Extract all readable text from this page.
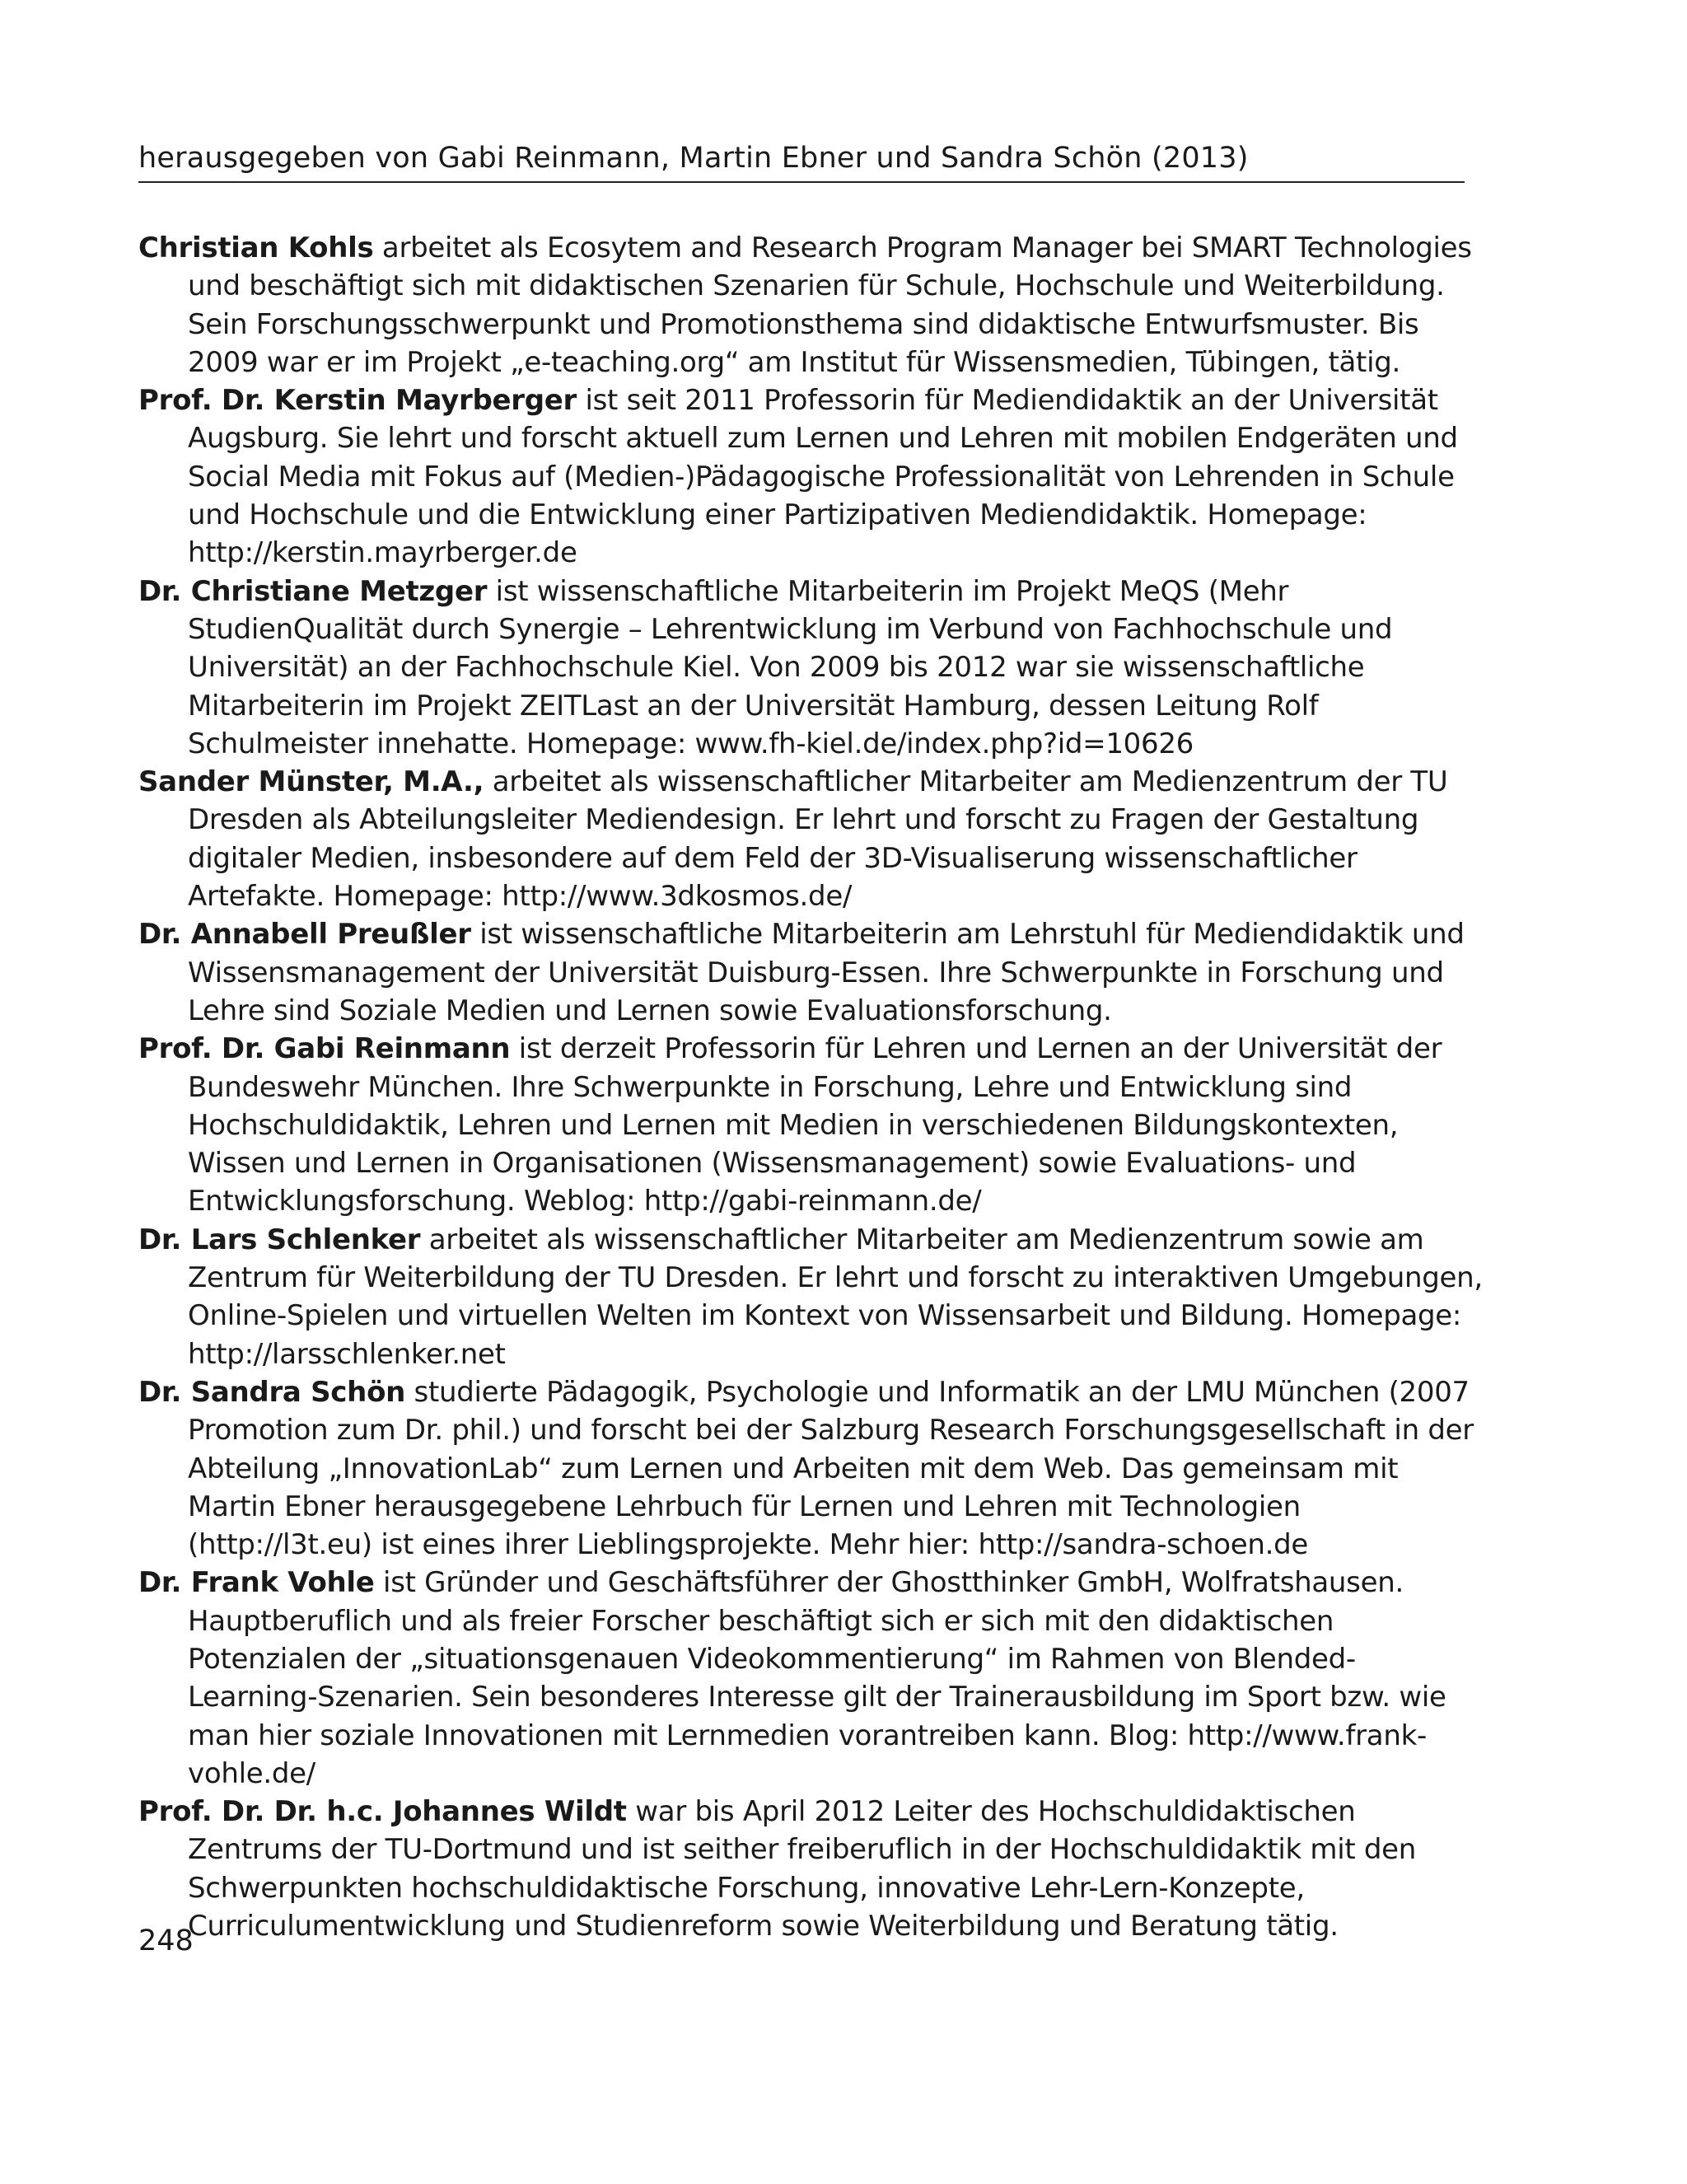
herausgegeben von Gabi Reinmann, Martin Ebner und Sandra Schön (2013)
Christian Kohls arbeitet als Ecosytem and Research Program Manager bei SMART Technologies und beschäftigt sich mit didaktischen Szenarien für Schule, Hochschule und Weiterbildung. Sein Forschungsschwerpunkt und Promotionsthema sind didaktische Entwurfsmuster. Bis 2009 war er im Projekt „e-teaching.org“ am Institut für Wissensmedien, Tübingen, tätig.
Prof. Dr. Kerstin Mayrberger ist seit 2011 Professorin für Mediendidaktik an der Universität Augsburg. Sie lehrt und forscht aktuell zum Lernen und Lehren mit mobilen Endgeräten und Social Media mit Fokus auf (Medien-)Pädagogische Professionalität von Lehrenden in Schule und Hochschule und die Entwicklung einer Partizipativen Mediendidaktik. Homepage: http://kerstin.mayrberger.de
Dr. Christiane Metzger ist wissenschaftliche Mitarbeiterin im Projekt MeQS (Mehr StudienQualität durch Synergie – Lehrentwicklung im Verbund von Fachhochschule und Universität) an der Fachhochschule Kiel. Von 2009 bis 2012 war sie wissenschaftliche Mitarbeiterin im Projekt ZEITLast an der Universität Hamburg, dessen Leitung Rolf Schulmeister innehatte. Homepage: www.fh-kiel.de/index.php?id=10626
Sander Münster, M.A., arbeitet als wissenschaftlicher Mitarbeiter am Medienzentrum der TU Dresden als Abteilungsleiter Mediendesign. Er lehrt und forscht zu Fragen der Gestaltung digitaler Medien, insbesondere auf dem Feld der 3D-Visualiserung wissenschaftlicher Artefakte. Homepage: http://www.3dkosmos.de/
Dr. Annabell Preußler ist wissenschaftliche Mitarbeiterin am Lehrstuhl für Mediendidaktik und Wissensmanagement der Universität Duisburg-Essen. Ihre Schwerpunkte in Forschung und Lehre sind Soziale Medien und Lernen sowie Evaluationsforschung.
Prof. Dr. Gabi Reinmann ist derzeit Professorin für Lehren und Lernen an der Universität der Bundeswehr München. Ihre Schwerpunkte in Forschung, Lehre und Entwicklung sind Hochschuldidaktik, Lehren und Lernen mit Medien in verschiedenen Bildungskontexten, Wissen und Lernen in Organisationen (Wissensmanagement) sowie Evaluations- und Entwicklungsforschung. Weblog: http://gabi-reinmann.de/
Dr. Lars Schlenker arbeitet als wissenschaftlicher Mitarbeiter am Medienzentrum sowie am Zentrum für Weiterbildung der TU Dresden. Er lehrt und forscht zu interaktiven Umgebungen, Online-Spielen und virtuellen Welten im Kontext von Wissensarbeit und Bildung. Homepage: http://larsschlenker.net
Dr. Sandra Schön studierte Pädagogik, Psychologie und Informatik an der LMU München (2007 Promotion zum Dr. phil.) und forscht bei der Salzburg Research Forschungsgesellschaft in der Abteilung „InnovationLab“ zum Lernen und Arbeiten mit dem Web. Das gemeinsam mit Martin Ebner herausgegebene Lehrbuch für Lernen und Lehren mit Technologien (http://l3t.eu) ist eines ihrer Lieblingsprojekte. Mehr hier: http://sandra-schoen.de
Dr. Frank Vohle ist Gründer und Geschäftsführer der Ghostthinker GmbH, Wolfratshausen. Hauptberuflich und als freier Forscher beschäftigt sich er sich mit den didaktischen Potenzialen der „situationsgenauen Videokommentierung“ im Rahmen von Blended-Learning-Szenarien. Sein besonderes Interesse gilt der Trainerausbildung im Sport bzw. wie man hier soziale Innovationen mit Lernmedien vorantreiben kann. Blog: http://www.frank-vohle.de/
Prof. Dr. Dr. h.c. Johannes Wildt war bis April 2012 Leiter des Hochschuldidaktischen Zentrums der TU-Dortmund und ist seither freiberuflich in der Hochschuldidaktik mit den Schwerpunkten hochschuldidaktische Forschung, innovative Lehr-Lern-Konzepte, Curriculumentwicklung und Studienreform sowie Weiterbildung und Beratung tätig.
248
